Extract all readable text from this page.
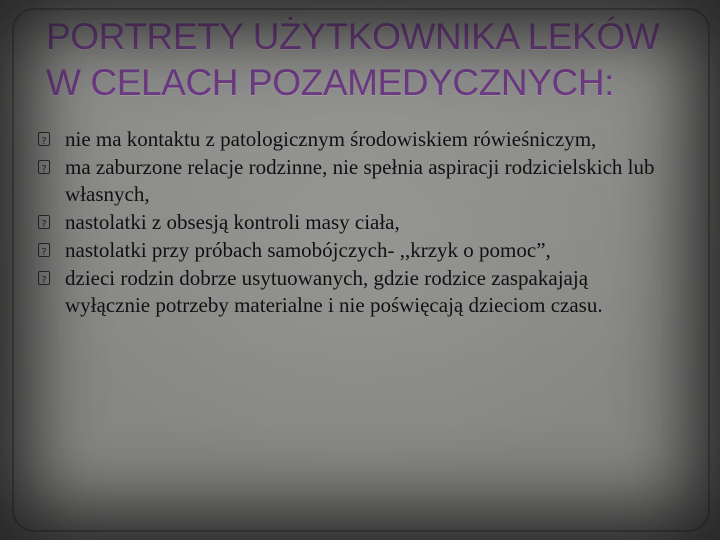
PORTRETY UŻYTKOWNIKA LEKÓW W CELACH POZAMEDYCZNYCH:
?
nie ma kontaktu z patologicznym środowiskiem rówieśniczym,
?
ma zaburzone relacje rodzinne, nie spełnia aspiracji rodzicielskich lub własnych,
?
nastolatki z obsesją kontroli masy ciała,
?
nastolatki przy próbach samobójczych- ,,krzyk o pomoc”,
?
dzieci rodzin dobrze usytuowanych, gdzie rodzice zaspakajają wyłącznie potrzeby materialne i nie poświęcają dzieciom czasu.
